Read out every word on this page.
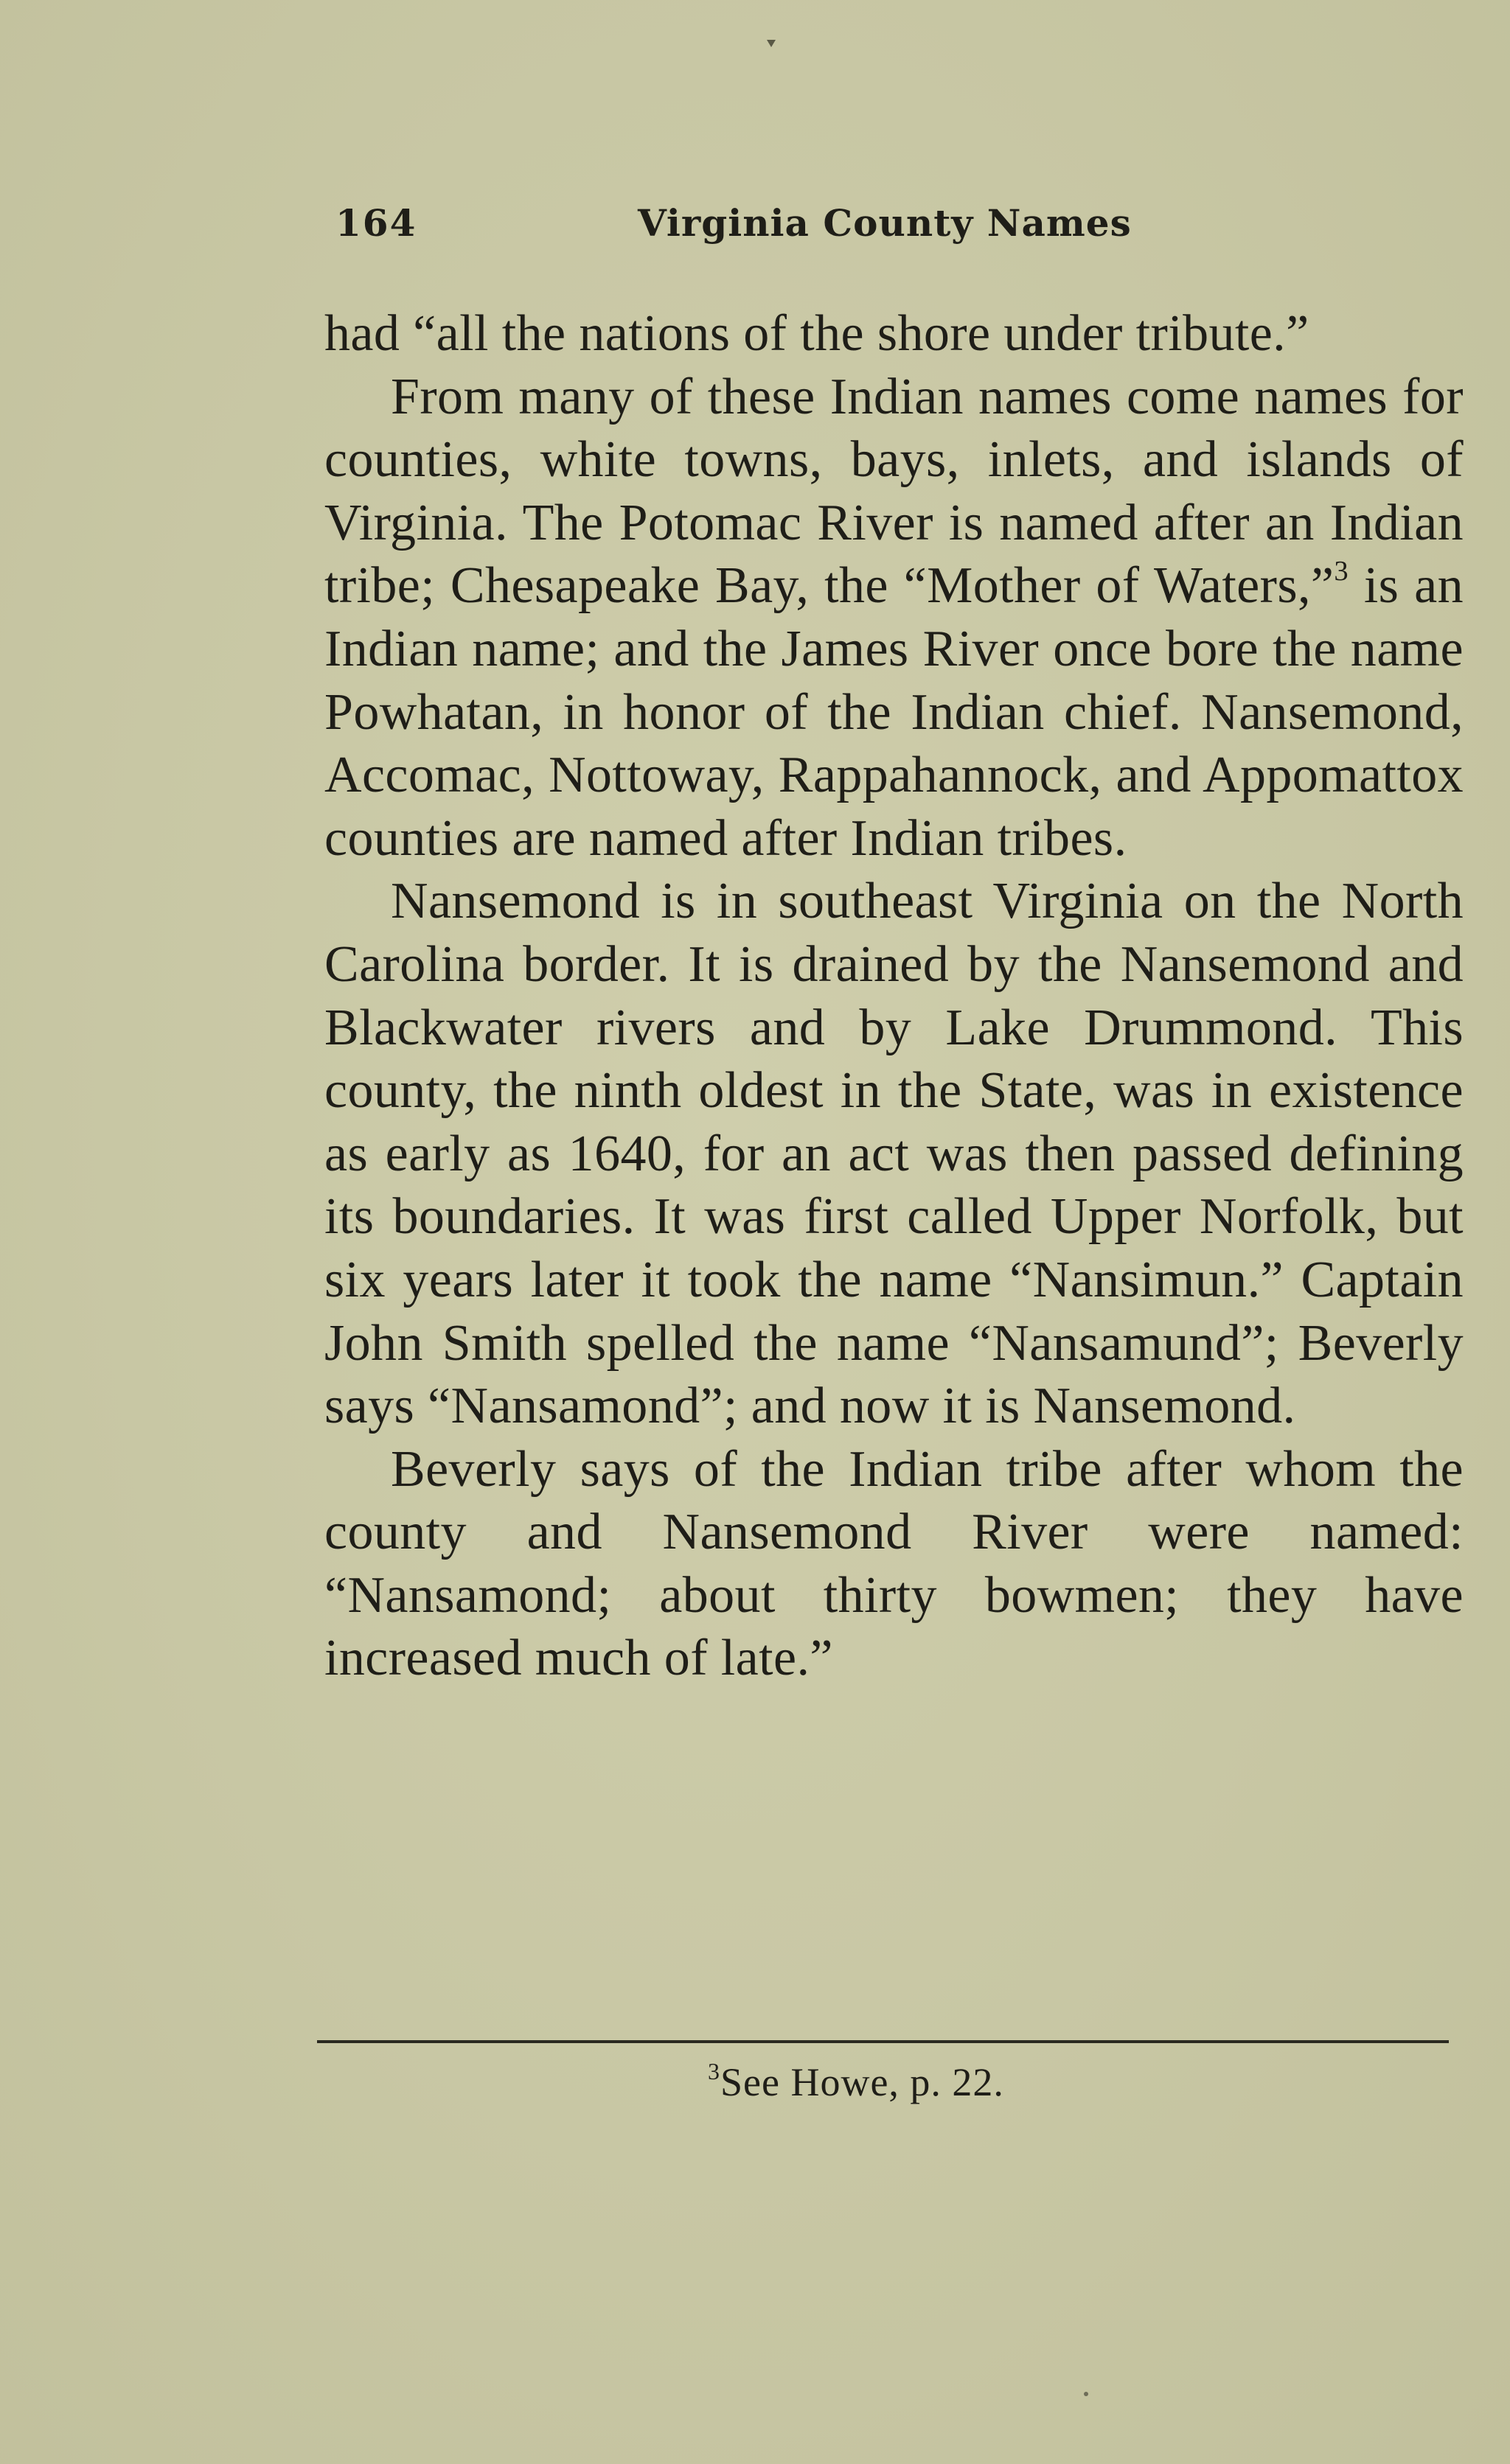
164	Virginia County Names

had “all the nations of the shore under tribute.”

From many of these Indian names come names for counties, white towns, bays, inlets, and islands of Virginia. The Potomac River is named after an Indian tribe; Chesapeake Bay, the “Mother of Waters,”$^3$ is an Indian name; and the James River once bore the name Powhatan, in honor of the Indian chief. Nansemond, Accomac, Nottoway, Rappahannock, and Appomattox counties are named after Indian tribes.

Nansemond is in southeast Virginia on the North Carolina border. It is drained by the Nansemond and Blackwater rivers and by Lake Drummond. This county, the ninth oldest in the State, was in existence as early as 1640, for an act was then passed defining its boundaries. It was first called Upper Norfolk, but six years later it took the name “Nansimun.” Captain John Smith spelled the name “Nansamund”; Beverly says “Nansamond”; and now it is Nansemond.

Beverly says of the Indian tribe after whom the county and Nansemond River were named: “Nansamond; about thirty bowmen; they have increased much of late.”

$^3$See Howe, p. 22.
